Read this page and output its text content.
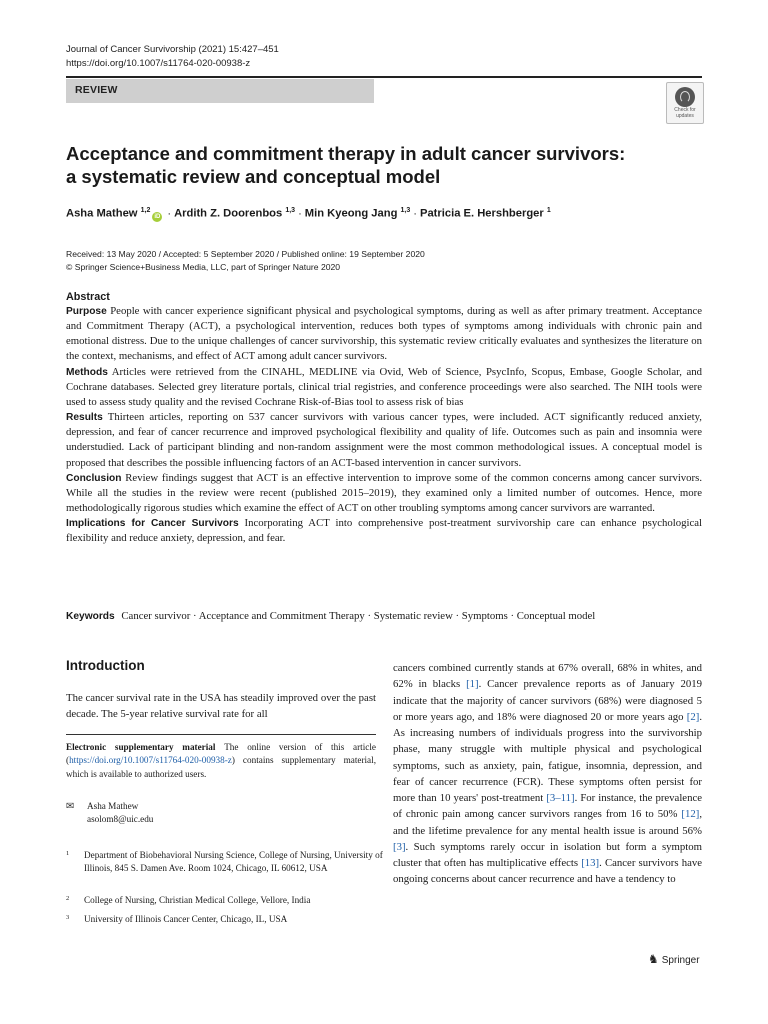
Journal of Cancer Survivorship (2021) 15:427–451
https://doi.org/10.1007/s11764-020-00938-z
REVIEW
Check for
updates
Acceptance and commitment therapy in adult cancer survivors:
a systematic review and conceptual model
Asha Mathew $^{1,2}$iD · Ardith Z. Doorenbos $^{1,3}$ · Min Kyeong Jang $^{1,3}$ · Patricia E. Hershberger $^1$
Received: 13 May 2020 / Accepted: 5 September 2020 / Published online: 19 September 2020
© Springer Science+Business Media, LLC, part of Springer Nature 2020
Abstract

Purpose People with cancer experience significant physical and psychological symptoms, during as well as after primary treatment. Acceptance and Commitment Therapy (ACT), a psychological intervention, reduces both types of symptoms among individuals with chronic pain and emotional distress. Due to the unique challenges of cancer survivorship, this systematic review critically evaluates and synthesizes the literature on the context, mechanisms, and effect of ACT among adult cancer survivors.

Methods Articles were retrieved from the CINAHL, MEDLINE via Ovid, Web of Science, PsycInfo, Scopus, Embase, Google Scholar, and Cochrane databases. Selected grey literature portals, clinical trial registries, and conference proceedings were also searched. The NIH tools were used to assess study quality and the revised Cochrane Risk-of-Bias tool to assess risk of bias

Results Thirteen articles, reporting on 537 cancer survivors with various cancer types, were included. ACT significantly reduced anxiety, depression, and fear of cancer recurrence and improved psychological flexibility and quality of life. Outcomes such as pain and insomnia were understudied. Lack of participant blinding and non-random assignment were the most common methodological issues. A conceptual model is proposed that describes the possible influencing factors of an ACT-based intervention in cancer survivors.

Conclusion Review findings suggest that ACT is an effective intervention to improve some of the common concerns among cancer survivors. While all the studies in the review were recent (published 2015–2019), they examined only a limited number of outcomes. Hence, more methodologically rigorous studies which examine the effect of ACT on other troubling symptoms among cancer survivors are warranted.

Implications for Cancer Survivors Incorporating ACT into comprehensive post-treatment survivorship care can enhance psychological flexibility and reduce anxiety, depression, and fear.

Keywords Cancer survivor · Acceptance and Commitment Therapy · Systematic review · Symptoms · Conceptual model
Introduction

The cancer survival rate in the USA has steadily improved over the past decade. The 5-year relative survival rate for all

Electronic supplementary material The online version of this article (https://doi.org/10.1007/s11764-020-00938-z) contains supplementary material, which is available to authorized users.
✉ Asha Mathew
asolom8@uic.edu
1 Department of Biobehavioral Nursing Science, College of Nursing, University of Illinois, 845 S. Damen Ave. Room 1024, Chicago, IL 60612, USA
2 College of Nursing, Christian Medical College, Vellore, India
3 University of Illinois Cancer Center, Chicago, IL, USA

cancers combined currently stands at 67% overall, 68% in whites, and 62% in blacks [1]. Cancer prevalence reports as of January 2019 indicate that the majority of cancer survivors (68%) were diagnosed 5 or more years ago, and 18% were diagnosed 20 or more years ago [2]. As increasing numbers of individuals progress into the survivorship phase, many struggle with multiple physical and psychological symptoms, such as anxiety, pain, fatigue, insomnia, depression, and fear of cancer recurrence (FCR). These symptoms often persist for more than 10 years' post-treatment [3–11]. For instance, the prevalence of chronic pain among cancer survivors ranges from 16 to 50% [12], and the lifetime prevalence for any mental health issue is around 56% [3]. Such symptoms rarely occur in isolation but form a symptom cluster that often has multiplicative effects [13]. Cancer survivors have ongoing concerns about cancer recurrence and have a tendency to

♞ Springer
